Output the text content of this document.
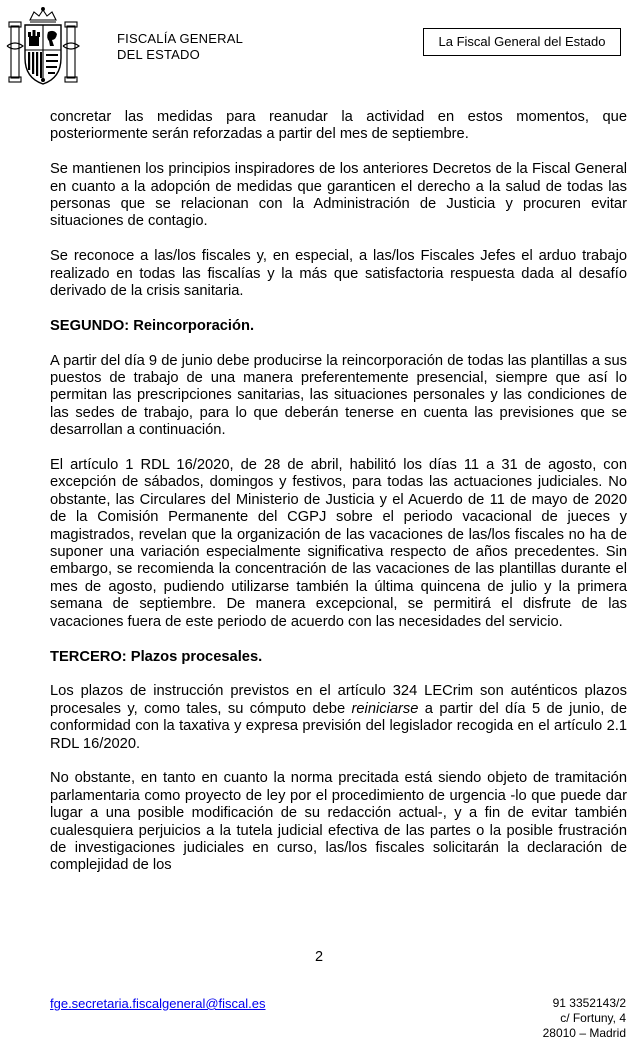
FISCALÍA GENERAL
DEL ESTADO
La Fiscal General del Estado

concretar las medidas para reanudar la actividad en estos momentos, que posteriormente serán reforzadas a partir del mes de septiembre.

Se mantienen los principios inspiradores de los anteriores Decretos de la Fiscal General en cuanto a la adopción de medidas que garanticen el derecho a la salud de todas las personas que se relacionan con la Administración de Justicia y procuren evitar situaciones de contagio.

Se reconoce a las/los fiscales y, en especial, a las/los Fiscales Jefes el arduo trabajo realizado en todas las fiscalías y la más que satisfactoria respuesta dada al desafío derivado de la crisis sanitaria.

SEGUNDO: Reincorporación.

A partir del día 9 de junio debe producirse la reincorporación de todas las plantillas a sus puestos de trabajo de una manera preferentemente presencial, siempre que así lo permitan las prescripciones sanitarias, las situaciones personales y las condiciones de las sedes de trabajo, para lo que deberán tenerse en cuenta las previsiones que se desarrollan a continuación.

El artículo 1 RDL 16/2020, de 28 de abril, habilitó los días 11 a 31 de agosto, con excepción de sábados, domingos y festivos, para todas las actuaciones judiciales. No obstante, las Circulares del Ministerio de Justicia y el Acuerdo de 11 de mayo de 2020 de la Comisión Permanente del CGPJ sobre el periodo vacacional de jueces y magistrados, revelan que la organización de las vacaciones de las/los fiscales no ha de suponer una variación especialmente significativa respecto de años precedentes. Sin embargo, se recomienda la concentración de las vacaciones de las plantillas durante el mes de agosto, pudiendo utilizarse también la última quincena de julio y la primera semana de septiembre. De manera excepcional, se permitirá el disfrute de las vacaciones fuera de este periodo de acuerdo con las necesidades del servicio.

TERCERO: Plazos procesales.

Los plazos de instrucción previstos en el artículo 324 LECrim son auténticos plazos procesales y, como tales, su cómputo debe reiniciarse a partir del día 5 de junio, de conformidad con la taxativa y expresa previsión del legislador recogida en el artículo 2.1 RDL 16/2020.

No obstante, en tanto en cuanto la norma precitada está siendo objeto de tramitación parlamentaria como proyecto de ley por el procedimiento de urgencia -lo que puede dar lugar a una posible modificación de su redacción actual-, y a fin de evitar también cualesquiera perjuicios a la tutela judicial efectiva de las partes o la posible frustración de investigaciones judiciales en curso, las/los fiscales solicitarán la declaración de complejidad de los

2
fge.secretaria.fiscalgeneral@fiscal.es	91 3352143/2
c/ Fortuny, 4
28010 – Madrid
